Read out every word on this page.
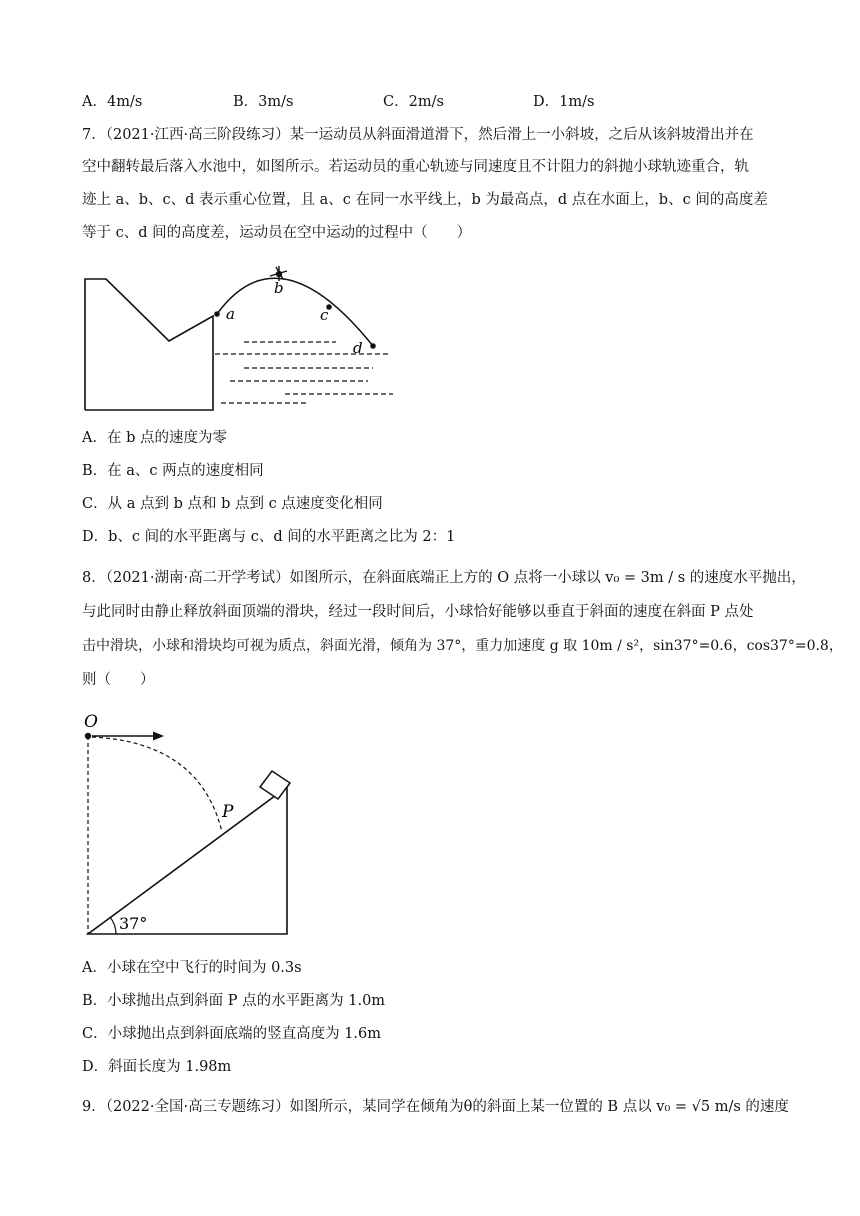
A．4m/s	B．3m/s	C．2m/s	D．1m/s
7．（2021·江西·高三阶段练习）某一运动员从斜面滑道滑下，然后滑上一小斜坡，之后从该斜坡滑出并在
空中翻转最后落入水池中，如图所示。若运动员的重心轨迹与同速度且不计阻力的斜抛小球轨迹重合，轨
迹上 a、b、c、d 表示重心位置，且 a、c 在同一水平线上，b 为最高点，d 点在水面上，b、c 间的高度差
等于 c、d 间的高度差，运动员在空中运动的过程中（　　）
a
b
c
d
A．在 b 点的速度为零
B．在 a、c 两点的速度相同
C．从 a 点到 b 点和 b 点到 c 点速度变化相同
D．b、c 间的水平距离与 c、d 间的水平距离之比为 2：1
8．（2021·湖南·高二开学考试）如图所示，在斜面底端正上方的 O 点将一小球以 v₀ = 3m / s 的速度水平抛出，
与此同时由静止释放斜面顶端的滑块，经过一段时间后，小球恰好能够以垂直于斜面的速度在斜面 P 点处
击中滑块，小球和滑块均可视为质点，斜面光滑，倾角为 37°，重力加速度 g 取 10m / s²，sin37°=0.6，cos37°=0.8，
则（　　）
O
P
37°
A．小球在空中飞行的时间为 0.3s
B．小球抛出点到斜面 P 点的水平距离为 1.0m
C．小球抛出点到斜面底端的竖直高度为 1.6m
D．斜面长度为 1.98m
9．（2022·全国·高三专题练习）如图所示，某同学在倾角为θ的斜面上某一位置的 B 点以 v₀ = √5 m/s 的速度
